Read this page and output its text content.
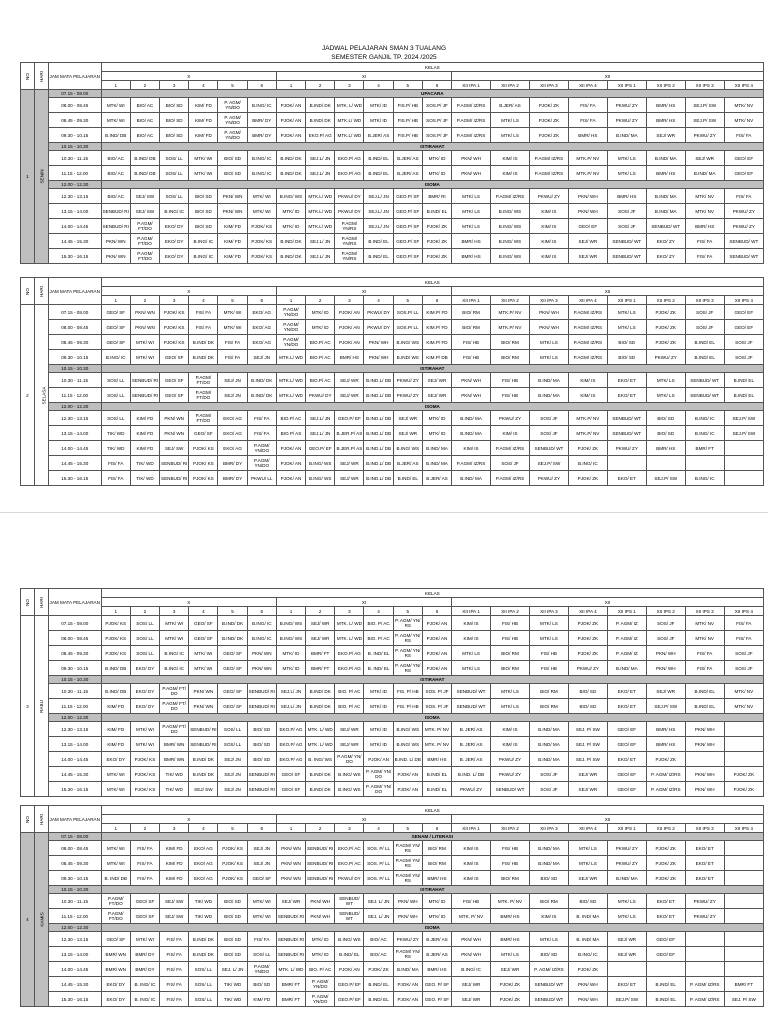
JADWAL PELAJARAN SMAN 3 TUALANG
SEMESTER GANJIL TP. 2024 /2025
NO	HARI	JAM MATA PELAJARAN	KELAS																			
			X						XI						XII							
			1	2	3	4	5	6	1	2	3	4	5	6	XII IPA 1	XII IPA 2	XII IPA 3	XII IPA 4	XII IPS 1	XII IPS 2	XII IPS 3	XII IPS 4
1	SENIN	07.15 - 08.00	UPACARA																			
		08.00 - 08.45	MTK/ WI	BIO/ AC	BIO/ SD	KIM/ FD	P. AGM/ YN/DO	B.ING/ IC	PJOK/ AN	B.IND/ DK	MTK. L/ WD	MTK/ ID	FIS.P/ HB	SOS.P/ JF	P.AGM/ IZ/RS	B.JER/ AS	PJOK/ ZK	FIS/ FA	PKWU/ ZY	BMR/ HS	SEJ.P/ SW	MTK/ NV
		08.45 - 09.30	MTK/ WI	BIO/ AC	BIO/ SD	KIM/ FD	P. AGM/ YN/DO	BMR/ DY	PJOK/ AN	B.IND/ DK	MTK.L/ WD	MTK/ ID	FIS.P/ HB	SOS.P/ JF	P.AGM/ IZ/RS	MTK/ LS	PJOK/ ZK	FIS/ FA	PKWU/ ZY	BMR/ HS	SEJ.P/ SW	MTK/ NV
		09.30 - 10.15	B.IND/ DB	BIO/ AC	BIO/ SD	KIM/ FD	P. AGM/ YN/DO	BMR/ DY	PJOK/ AN	EKO.P/ AG	MTK.L/ WD	B.JER/ AS	FIS.P/ HB	SOS.P/ JF	P.AGM/ IZ/RS	MTK/ LS	PJOK/ ZK	BMR/ HS	B.IND/ MA	SEJ/ WR	PKWU/ ZY	FIS/ FA
		10.15 - 10.30	ISTIRAHAT																			
		10.30 - 11.15	BIO/ AC	B.IND/ DB	SOS/ LL	MTK/ WI	BIO/ SD	B.ING/ IC	B.IND/ DK	SEJ.L/ JN	EKO.P/ AG	B.IND/ EL	B.JER/ AS	MTK/ ID	PKN/ WH	KIM/ IS	P.AGM/ IZ/RS	MTK.P/ NV	MTK/ LS	B.IND/ MA	SEJ/ WR	GEO/ EF
		11.15 - 12.00	BIO/ AC	B.IND/ DB	SOS/ LL	MTK/ WI	BIO/ SD	B.ING/ IC	B.IND/ DK	SEJ.L/ JN	EKO.P/ AG	B.IND/ EL	B.JER/ AS	MTK/ ID	PKN/ WH	KIM/ IS	P.AGM/ IZ/RS	MTK.P/ NV	MTK/ LS	BMR/ HS	B.IND/ MA	GEO/ EF
		12.00 - 12.30	ISOMA																			
		12.30 - 13.15	BIO/ AC	SEJ/ SW	SOS/ LL	BIO/ SD	PKN/ WN	MTK/ WI	B.ING/ WS	MTK.L/ WD	PKWU/ DY	SEJ.L/ JN	GEO.P/ SF	BMR/ RI	MTK/ LS	P.AGM/ IZ/RS	PKWU/ ZY	PKN/ WH	BMR/ HS	B.IND/ MA	MTK/ NV	FIS/ FA
		13.15 - 14.00	SENBUD/ RI	SEJ/ SW	B.ING/ IC	BIO/ SD	PKN/ WN	MTK/ WI	MTK/ ID	MTK.L/ WD	PKWU/ DY	SEJ.L/ JN	GEO.P/ SF	B.IND/ EL	MTK/ LS	B.ING/ WS	KIM/ IS	PKN/ WH	SOS/ JF	B.IND/ MA	MTK/ NV	PKWU/ ZY
		14.00 - 14.45	SENBUD/ RI	P.AGM/ FT/DO	EKO/ DY	BIO/ SD	KIM/ FD	PJOK/ KS	MTK/ ID	MTK.L/ WD	P.AGM/ YN/RS	SEJ.L/ JN	GEO.P/ SF	PJOK/ ZK	MTK/ LS	B.ING/ WS	KIM/ IS	GEO/ EF	SOS/ JF	SENBUD/ WT	BMR/ HS	PKWU/ ZY
		14.45 - 15.30	PKN/ WN	P.AGM/ FT/DO	EKO/ DY	B.ING/ IC	KIM/ FD	PJOK/ KS	B.IND/ DK	SEJ.L/ JN	P.AGM/ YN/RS	B.IND/ EL	GEO.P/ SF	PJOK/ ZK	BMR/ HS	B.ING/ WS	KIM/ IS	SEJ/ WR	SENBUD/ WT	EKO/ ZY	FIS/ FA	SENBUD/ WT
		15.30 - 16.15	PKN/ WN	P.AGM/ FT/DO	EKO/ DY	B.ING/ IC	KIM/ FD	PJOK/ KS	B.IND/ DK	SEJ.L/ JN	P.AGM/ YN/RS	B.IND/ EL	GEO.P/ SF	PJOK/ ZK	BMR/ HS	B.ING/ WS	KIM/ IS	SEJ/ WR	SENBUD/ WT	EKO/ ZY	FIS/ FA	SENBUD/ WT
NO	HARI	JAM MATA PELAJARAN	KELAS																			
			X						XI						XII							
			1	2	3	4	5	6	1	2	3	4	5	6	XII IPA 1	XII IPA 2	XII IPA 3	XII IPA 4	XII IPS 1	XII IPS 2	XII IPS 3	XII IPS 4
2	SELASA	07.15 - 08.00	GEO/ SF	PKN/ WN	PJOK/ KS	FIS/ FA	MTK/ WI	EKO/ AG	P.AGM/ YN/DO	MTK/ ID	PJOK/ AN	PKWU/ DY	SOS.P/ LL	KIM.P/ FD	BIO/ RM	MTK.P/ NV	PKN/ WH	P.AGM/ IZ/RS	MTK/ LS	PJOK/ ZK	SOS/ JF	GEO/ EF
		08.00 - 08.45	GEO/ SF	PKN/ WN	PJOK/ KS	FIS/ FA	MTK/ WI	EKO/ AG	P.AGM/ YN/DO	MTK/ ID	PJOK/ AN	PKWU/ DY	SOS.P/ LL	KIM.P/ FD	BIO/ RM	MTK.P/ NV	PKN/ WH	P.AGM/ IZ/RS	MTK/ LS	PJOK/ ZK	SOS/ JF	GEO/ EF
		08.45 - 09.30	GEO/ SF	MTK/ WI	PJOK/ KS	B.IND/ DK	FIS/ FA	EKO/ AG	P.AGM/ YN/DO	BIO.P/ AC	PJOK/ AN	PKN/ WH	B.ING/ WS	KIM.P/ FD	FIS/ HB	BIO/ RM	MTK/ LS	P.AGM/ IZ/RS	BIO/ SD	PJOK/ ZK	B.IND/ EL	SOS/ JF
		09.30 - 10.15	B.ING/ IC	MTK/ WI	GEO/ SF	B.IND/ DK	FIS/ FA	SEJ/ JN	MTK.L/ WD	BIO.P/ AC	BMR/ HS	PKN/ WH	B.IND/ WS	KIM.P/ DB	FIS/ HB	BIO/ RM	MTK/ LS	P.AGM/ IZ/RS	BIO/ SD	PKWU/ ZY	B.IND/ EL	SOS/ JF
		10.15 - 10.30	ISTIRAHAT																			
		10.30 - 11.15	SOS/ LL	SENBUD/ RI	GEO/ SF	P.AGM/ FT/DO	SEJ/ JN	B.IND/ DK	MTK.L/ WD	BIO.P/ AC	SEJ/ WR	B.IND.L/ DB	PKWU/ ZY	SEJ/ WR	PKN/ WH	FIS/ HB	B.IND/ MA	KIM/ IS	EKO/ ET	MTK/ LS	SENBUD/ WT	B.IND/ EL
		11.15 - 12.00	SOS/ LL	SENBUD/ RI	GEO/ SF	P.AGM/ FT/DO	SEJ/ JN	B.IND/ DK	MTK.L/ WD	PKWU/ DY	SEJ/ WR	B.IND.L/ DB	PKWU/ ZY	SEJ/ WR	PKN/ WH	FIS/ HB	B.IND/ MA	KIM/ IS	EKO/ ET	MTK/ LS	SENBUD/ WT	B.IND/ EL
		12.00 - 12.30	ISOMA																			
		12.30 - 13.15	SOS/ LL	KIM/ FD	PKN/ WN	P.AGM/ FT/DO	EKO/ AG	FIS/ FA	BIO.P/ AC	SEJ.L/ JN	GEO.P/ EF	B.IND.L/ DB	SEJ/ WR	MTK/ ID	B.IND/ MA	PKWU/ ZY	SOS/ JF	MTK.P/ NV	SENBUD/ WT	BIO/ SD	B.ING/ IC	SEJ.P/ SW
		13.15 - 14.00	TIK/ WD	KIM/ FD	PKN/ WN	GEO/ SF	EKO/ AG	FIS/ FA	BIO.P/ AS	SEJ.L/ JN	B.JER.P/ AS	B.IND.L/ DB	SEJ/ WR	MTK/ ID	B.IND/ MA	KIM/ IS	SOS/ JF	MTK.P/ NV	SENBUD/ WT	BIO/ SD	B.ING/ IC	SEJ.P/ SW
		14.00 - 14.45	TIK/ WD	KIM/ FD	SEJ/ SW	PJOK/ KS	EKO/ AG	P.AGM/ YN/DO	PJOK/ AN	GEO.P/ EF	B.JER.P/ AS	B.IND.L/ DB	B.ING/ WS	B.IND/ MA	KIM/ IS	P.AGM/ IZ/RS	SENBUD/ WT	PJOK/ ZK	PKWU/ ZY	BMR/ HS	BMR/ FT	
		14.45 - 15.30	FIS/ FA	TIK/ WD	SENBUD/ RI	PJOK/ KS	BMR/ DY	P.AGM/ YN/DO	PJOK/ AN	B.ING/ WS	SEJ/ WR	B.IND.L/ DB	B.JER/ AS	B.IND/ MA	P.AGM/ IZ/RS	SOS/ JF	SEJ.P/ SW	B.ING/ IC				
		15.30 - 16.15	FIS/ FA	TIK/ WD	SENBUD/ RI	PJOK/ KS	BMR/ DY	PKWU/ LL	PJOK/ AN	B.ING/ WS	SEJ/ WR	B.IND.L/ DB	B.IND/ EL	B.JER/ AS	B.IND/ MA	P.AGM/ IZ/RS	PKWU/ ZY	PJOK/ ZK	EKO/ ET	SEJ.P/ SW	B.ING/ IC	
NO	HARI	JAM MATA PELAJARAN	KELAS																			
			X						XI						XII							
			1	2	3	4	5	6	1	2	3	4	5	6	XII IPA 1	XII IPA 2	XII IPA 3	XII IPA 4	XII IPS 1	XII IPS 2	XII IPS 3	XII IPS 4
3	RABU	07.15 - 08.00	PJOK/ KS	SOS/ LL	MTK/ WI	GEO/ SF	B.IND/ DK	B.ING/ IC	B.ING/ WS	SEJ/ WR	MTK. L/ WD	BIO. P/ AC	P. AGM/ YN/ RS	PJOK/ AN	KIM/ IS	FIS/ HB	MTK/ LS	PJOK/ ZK	P. AGM/ IZ	SOS/ JF	MTK/ NV	FIS/ FA
		08.00 - 08.45	PJOK/ KS	SOS/ LL	MTK/ WI	GEO/ SF	B.IND/ DK	B.ING/ IC	B.ING/ WS	SEJ/ WR	MTK. L/ WD	BIO. P/ AC	P. AGM/ YN/ RS	PJOK/ AN	KIM/ IS	FIS/ HB	MTK/ LS	PJOK/ ZK	P. AGM/ IZ	SOS/ JF	MTK/ NV	FIS/ FA
		08.45 - 09.30	PJOK/ KS	SOS/ LL	B.ING/ IC	MTK/ WI	GEO/ SF	PKN/ WN	MTK/ ID	BMR/ FT	EKO.P/ AG	B. IND/ EL	P. AGM/ YN/ RS	PJOK/ AN	MTK/ LS	BIO/ RM	FIS/ HB	PJOK/ ZK	P. AGM/ IZ	PKN/ WH	FIS/ FA	SOS/ JF
		09.30 - 10.15	B.IND/ DB	EKO/ DY	B.ING/ IC	MTK/ WI	GEO/ SF	PKN/ WN	MTK/ ID	BMR/ FT	EKO.P/ AG	B. IND/ EL	P. AGM/ YN/ RS	PJOK/ AN	MTK/ LS	BIO/ RM	FIS/ HB	PKWU/ ZY	B.IND/ MA	PKN/ WH	FIS/ FA	SOS/ JF
		10.15 - 10.30	ISTIRAHAT																			
		10.30 - 11.15	B.IND/ DB	EKO/ DY	P.AGM/ FT/ DO	PKN/ WN	GEO/ SF	SENBUD/ RI	SEJ.L/ JN	B.IND/ DK	BIO. P/ AC	MTK/ ID	FIS. P/ HB	SOS. P/ JF	SENBUD/ WT	MTK/ LS	BIO/ RM	BIO/ SD	EKO/ ET	SEJ/ WR	B.IND/ EL	MTK/ NV
		11.15 - 12.00	KIM/ FD	EKO/ DY	P.AGM/ FT/ DO	PKN/ WN	GEO/ SF	SENBUD/ RI	SEJ.L/ JN	B.IND/ DK	BIO. P/ AC	MTK/ ID	FIS. P/ HB	SOS. P/ JF	SENBUD/ WT	MTK/ LS	BIO/ RM	BIO/ SD	EKO/ ET	SEJ.P/ SW	B.IND/ EL	MTK/ NV
		12.00 - 12.30	ISOMA																			
		12.30 - 13.15	KIM/ FD	MTK/ WI	P.AGM/ FT/ DO	SENBUD/ RI	SOS/ LL	BIO/ SD	EKO.P/ AG	MTK. L/ WD	SEJ/ WR	MTK/ ID	B.ING/ WS	MTK. P/ NV	B. JER/ AS	KIM/ IS	B.IND/ MA	SEJ. P/ SW	GEO/ EF	BMR/ HS	PKN/ WH	
		13.15 - 14.00	KIM/ FD	MTK/ WI	BMR/ WN	SENBUD/ RI	SOS/ LL	BIO/ SD	EKO.P/ AG	MTK. L/ WD	SEJ/ WR	MTK/ ID	B.ING/ WS	MTK. P/ NV	B. JER/ AS	KIM/ IS	B.IND/ MA	SEJ. P/ SW	GEO/ EF	BMR/ HS	PKN/ WH	
		14.00 - 14.45	EKO/ DY	PJOK/ KS	BMR/ WN	B.IND/ DK	SEJ/ JN	BIO/ SD	EKO.P/ AG	B. ING/ WS	P.AGM/ YN/ DO	PJOK/ AN	B.IND. L/ DB	BMR/ HS	B. JER/ AS	PKWU/ ZY	B.IND/ MA	SEJ. P/ SW	EKO/ ET	PJOK/ ZK		
		14.45 - 15.30	MTK/ WI	PJOK/ KS	TIK/ WD	B.IND/ DK	SEJ/ JN	SENBUD/ RI	GEO/ SF	B.IND/ DK	B.ING/ WS	P. AGM/ YN/ DO	PJOK/ AN	B.IND/ EL	B.IND. L/ DB	PKWU/ ZY	SOS/ JF	SEJ/ WR	GEO/ EF	P. AGM/ IZ/RS	PKN/ WH	PJOK/ ZK
		15.30 - 16.15	MTK/ WI	PJOK/ KS	TIK/ WD	SEJ/ SW	SEJ/ JN	SENBUD/ RI	GEO/ SF	B.IND/ DK	B.ING/ WS	P. AGM/ YN/ DO	PJOK/ AN	B.IND/ EL	PKWU/ ZY	SENBUD/ WT	SOS/ JF	SEJ/ WR	GEO/ EF	P. AGM/ IZ/RS	PKN/ WH	PJOK/ ZK
NO	HARI	JAM MATA PELAJARAN	KELAS																			
			X						XI						XII							
			1	2	3	4	5	6	1	2	3	4	5	6	XII IPA 1	XII IPA 2	XII IPA 3	XII IPA 4	XII IPS 1	XII IPS 2	XII IPS 3	XII IPS 4
4	KAMIS	07.15 - 08.00	SENAM / LITERASI																			
		08.00 - 08.45	MTK/ WI	FIS/ FA	KIM/ FD	EKO/ AG	PJOK/ KS	SEJ/ JN	PKN/ WN	SENBUD/ RI	EKO.P/ AC	SOS. P/ LL	P.AGM/ YN/ RS	BIO/ RM	KIM/ IS	FIS/ HB	B.IND/ MA	MTK/ LS	PKWU/ ZY	PJOK/ ZK	EKO/ ET	
		08.45 - 09.30	MTK/ WI	FIS/ FA	KIM/ FD	EKO/ AG	PJOK/ KS	SEJ/ JN	PKN/ WN	SENBUD/ RI	EKO.P/ AC	SOS. P/ LL	P.AGM/ YN/ RS	BIO/ RM	KIM/ IS	FIS/ HB	B.IND/ MA	MTK/ LS	PKWU/ ZY	PJOK/ ZK	EKO/ ET	
		09.30 - 10.15	B. IND/ DB	FIS/ FA	KIM/ FD	EKO/ AG	PJOK/ KS	GEO/ SF	PKN/ WN	SENBUD/ RI	PKWU/ DY	SOS. P/ LL	P.AGM/ YN/ RS	BMR/ HS	KIM/ IS	BIO/ RM	BIO/ SD	SEJ/ WR	B.IND/ MA	PJOK/ ZK	EKO/ ET	
		10.15 - 10.30	ISTIRAHAT																			
		10.30 - 11.15	P.AGM/ FT/DO	GEO/ SF	SEJ/ SW	TIK/ WD	BIO/ SD	MTK/ WI	SEJ/ WR	PKN/ WH	SENBUD/ WT	SEJ. L/ JN	PKN/ WH	MTK/ ID	FIS/ HB	MTK. P/ NV	BIO/ RM	BIO/ SD	MTK/ LS	EKO/ ET	PKWU/ ZY	
		11.15 - 12.00	P.AGM/ FT/DO	GEO/ SF	SEJ/ SW	TIK/ WD	BIO/ SD	MTK/ WI	SENBUD/ RI	PKN/ WH	SENBUD/ WT	SEJ. L/ JN	PKN/ WH	MTK/ ID	MTK. P/ NV	BMR/ HS	KIM/ IS	B. IND/ MA	MTK/ LS	EKO/ ET	PKWU/ ZY	
		12.00 - 12.30	ISOMA																			
		12.30 - 13.15	GEO/ SF	MTK/ WI	FIS/ FA	B.IND/ DK	BIO/ SD	FIS/ FA	SENBUD/ RI	MTK/ ID	B.ING/ WS	BIO/ AC	PKWU/ ZY	B.JER/ AS	PKN/ WH	BMR/ HS	MTK/ LS	B. IND/ MA	SEJ/ WR	GEO/ EF		
		13.15 - 14.00	BMR/ WN	BMR/ DY	FIS/ FA	B.IND/ DK	BIO/ SD	SOS/ LL	SENBUD/ RI	MTK/ ID	B.IND/ EL	BIO/ AC	P.AGM/ YN/ RS	B.JER/ AS	PKN/ WH	MTK/ LS	BIO/ SD	B.ING/ IC	SEJ/ WR	GEO/ EF		
		14.00 - 14.45	BMR/ WN	BMR/ DY	FIS/ FA	SOS/ LL	SEJ. L/ JN	P.AGM/ YN/DO	MTK. L/ WD	BIO. P/ AC	PJOK/ AN	PJOK/ ZK	B.IND/ MA	BMR/ HS	B.ING/ IC	SEJ/ WR	P. AGM/ IZ/RS	PJOK/ ZK				
		14.45 - 15.30	EKO/ DY	B. ING/ IC	FIS/ FA	SOS/ LL	TIK/ WD	BIO/ SD	BMR/ FT	P. AGM/ YN/DO	GEO.P/ EF	B.IND/ EL	PJOK/ AN	GEO. P/ SF	SEJ/ WR	PJOK/ ZK	SENBUD/ WT	PKN/ WH	EKO/ ET	B.IND/ EL	P. AGM/ IZ/RS	BMR/ FT
		15.30 - 16.15	EKO/ DY	B. ING/ IC	FIS/ FA	SOS/ LL	TIK/ WD	KIM/ FD	BMR/ FT	P. AGM/ YN/DO	GEO.P/ EF	B.IND/ EL	PJOK/ AN	GEO. P/ SF	SEJ/ WR	PJOK/ ZK	SENBUD/ WT	PKN/ WH	SEJ.P/ SW	B.IND/ EL	P. AGM/ IZ/RS	SEJ. P/ SW
